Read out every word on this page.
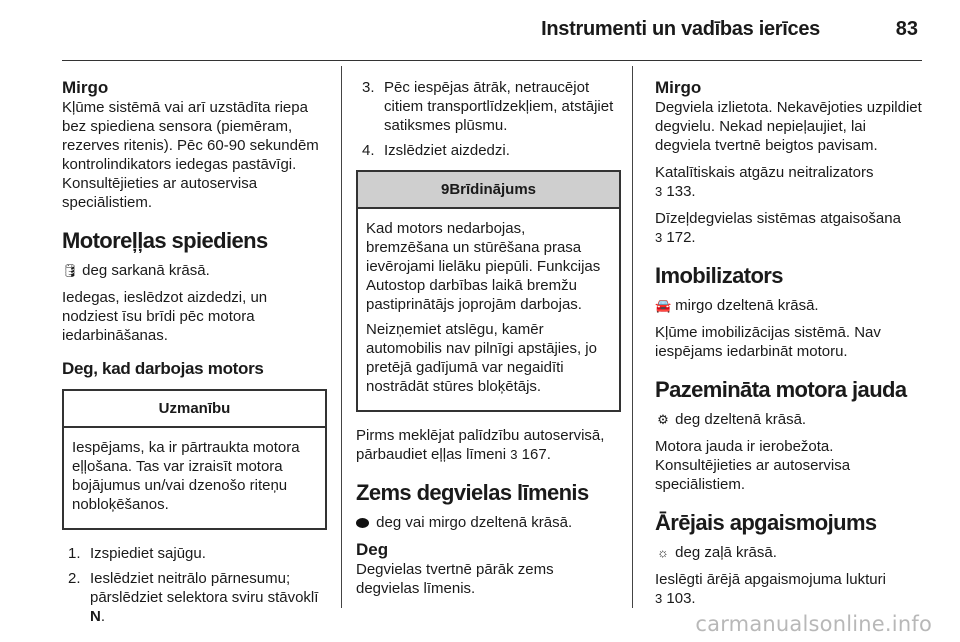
Instrumenti un vadības ierīces	83

Mirgo

Kļūme sistēmā vai arī uzstādīta riepa bez spiediena sensora (piemēram, rezerves ritenis). Pēc 60-90 sekundēm kontrolindikators iedegas pastāvīgi. Konsultējieties ar autoservisa speciālistiem.

Motoreļļas spiediens

🛢 deg sarkanā krāsā.

Iedegas, ieslēdzot aizdedzi, un nodziest īsu brīdi pēc motora iedarbināšanas.

Deg, kad darbojas motors
Uzmanību

Iespējams, ka ir pārtraukta motora eļļošana. Tas var izraisīt motora bojājumus un/vai dzenošo riteņu nobloķēšanos.

1. Izspiediet sajūgu.
2. Ieslēdziet neitrālo pārnesumu; pārslēdziet selektora sviru stāvoklī N.
3. Pēc iespējas ātrāk, netraucējot citiem transportlīdzekļiem, atstājiet satiksmes plūsmu.
4. Izslēdziet aizdedzi.
9Brīdinājums

Kad motors nedarbojas, bremzēšana un stūrēšana prasa ievērojami lielāku piepūli. Funkcijas Autostop darbības laikā bremžu pastiprinātājs joprojām darbojas.

Neizņemiet atslēgu, kamēr automobilis nav pilnīgi apstājies, jo pretējā gadījumā var negaidīti nostrādāt stūres bloķētājs.

Pirms meklējat palīdzību autoservisā, pārbaudiet eļļas līmeni 3 167.

Zems degvielas līmenis

deg vai mirgo dzeltenā krāsā.

Deg

Degvielas tvertnē pārāk zems degvielas līmenis.

Mirgo

Degviela izlietota. Nekavējoties uzpildiet degvielu. Nekad nepieļaujiet, lai degviela tvertnē beigtos pavisam.

Katalītiskais atgāzu neitralizators
3 133.

Dīzeļdegvielas sistēmas atgaisošana
3 172.

Imobilizators

🚘 mirgo dzeltenā krāsā.

Kļūme imobilizācijas sistēmā. Nav iespējams iedarbināt motoru.

Pazemināta motora jauda

⚙ deg dzeltenā krāsā.

Motora jauda ir ierobežota. Konsultējieties ar autoservisa speciālistiem.

Ārējais apgaismojums

☼ deg zaļā krāsā.

Ieslēgti ārējā apgaismojuma lukturi
3 103.

carmanualsonline.info
